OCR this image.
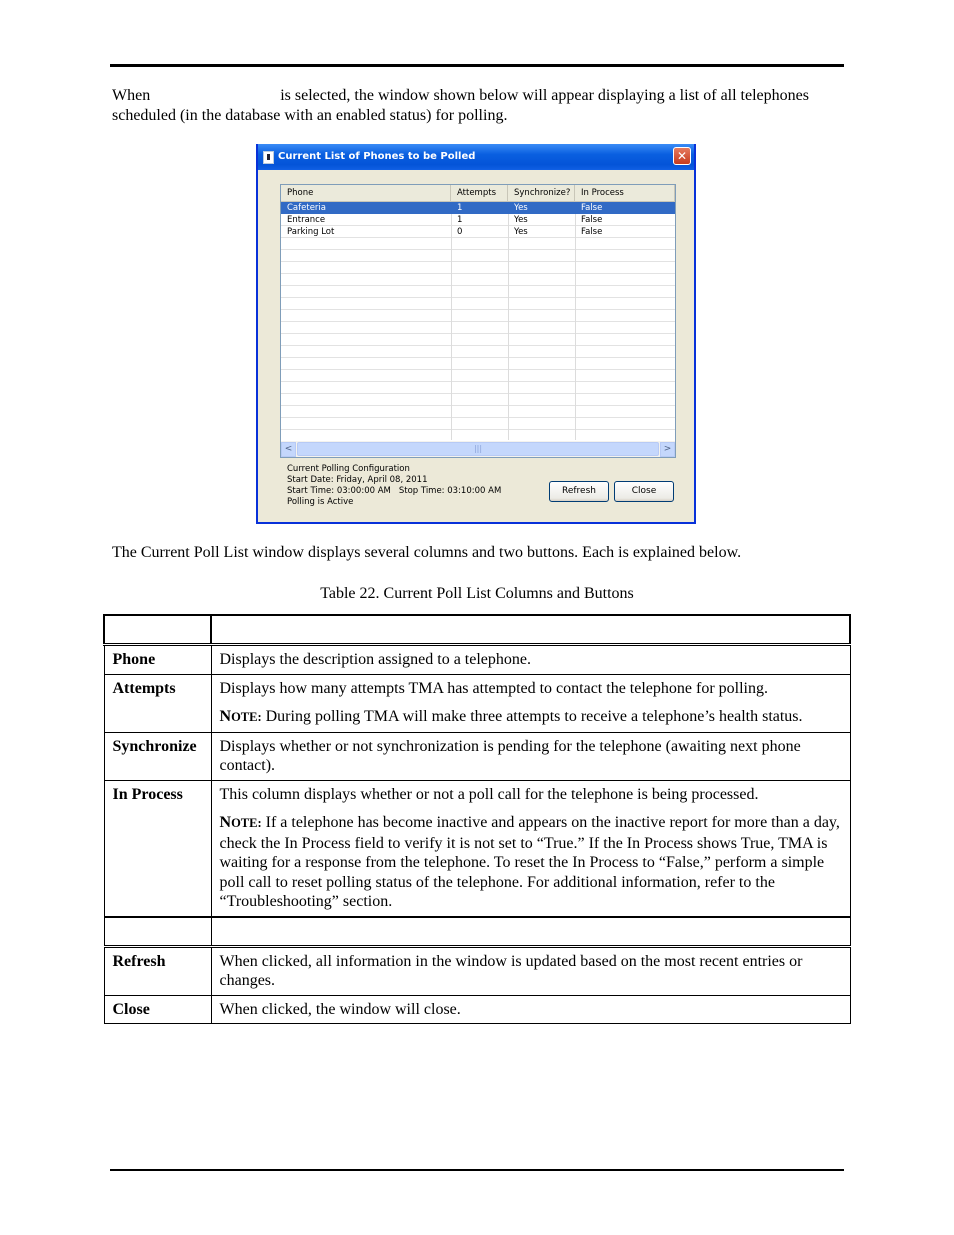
When	is selected, the window shown below will appear displaying a list of all telephones scheduled (in the database with an enabled status) for polling.
Current List of Phones to be Polled	✕
Phone	Attempts	Synchronize?	In Process
Cafeteria	1	Yes	False
Entrance	1	Yes	False
Parking Lot	0	Yes	False
<	|||	>
Current Polling Configuration
Start Date: Friday, April 08, 2011
Start Time: 03:00:00 AM Stop Time: 03:10:00 AM
Polling is Active
Refresh	Close
The Current Poll List window displays several columns and two buttons. Each is explained below.
Table 22. Current Poll List Columns and Buttons

Phone	Displays the description assigned to a telephone.
Attempts	Displays how many attempts TMA has attempted to contact the telephone for polling.
NOTE: During polling TMA will make three attempts to receive a telephone’s health status.

Synchronize	Displays whether or not synchronization is pending for the telephone (awaiting next phone contact).
In Process	This column displays whether or not a poll call for the telephone is being processed.
NOTE: If a telephone has become inactive and appears on the inactive report for more than a day, check the In Process field to verify it is not set to “True.” If the In Process shows True, TMA is waiting for a response from the telephone. To reset the In Process to “False,” perform a simple poll call to reset polling status of the telephone. For additional information, refer to the “Troubleshooting” section.

Refresh	When clicked, all information in the window is updated based on the most recent entries or changes.
Close	When clicked, the window will close.
